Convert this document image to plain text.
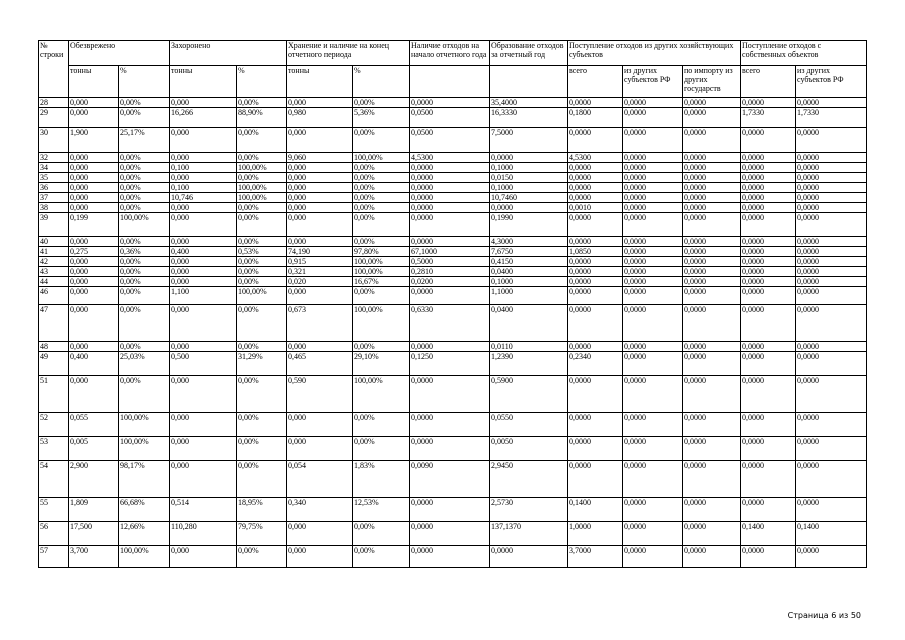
№ строки	Обезврежено		Захоронено		Хранение и наличие на конец отчетного периода		Наличие отходов на начало отчетного года	Образование отходов за отчетный год	Поступление отходов из других хозяйствующих субъектов			Поступление отходов с собственных объектов	
	тонны	%	тонны	%	тонны	%			всего	из других субъектов РФ	по импорту из других государств	всего	из других субъектов РФ
28	0,000	0,00%	0,000	0,00%	0,000	0,00%	0,0000	35,4000	0,0000	0,0000	0,0000	0,0000	0,0000
29	0,000	0,00%	16,266	88,90%	0,980	5,36%	0,0500	16,3330	0,1800	0,0000	0,0000	1,7330	1,7330
30	1,900	25,17%	0,000	0,00%	0,000	0,00%	0,0500	7,5000	0,0000	0,0000	0,0000	0,0000	0,0000
32	0,000	0,00%	0,000	0,00%	9,060	100,00%	4,5300	0,0000	4,5300	0,0000	0,0000	0,0000	0,0000
34	0,000	0,00%	0,100	100,00%	0,000	0,00%	0,0000	0,1000	0,0000	0,0000	0,0000	0,0000	0,0000
35	0,000	0,00%	0,000	0,00%	0,000	0,00%	0,0000	0,0150	0,0000	0,0000	0,0000	0,0000	0,0000
36	0,000	0,00%	0,100	100,00%	0,000	0,00%	0,0000	0,1000	0,0000	0,0000	0,0000	0,0000	0,0000
37	0,000	0,00%	10,746	100,00%	0,000	0,00%	0,0000	10,7460	0,0000	0,0000	0,0000	0,0000	0,0000
38	0,000	0,00%	0,000	0,00%	0,000	0,00%	0,0000	0,0000	0,0010	0,0000	0,0000	0,0000	0,0000
39	0,199	100,00%	0,000	0,00%	0,000	0,00%	0,0000	0,1990	0,0000	0,0000	0,0000	0,0000	0,0000
40	0,000	0,00%	0,000	0,00%	0,000	0,00%	0,0000	4,3000	0,0000	0,0000	0,0000	0,0000	0,0000
41	0,275	0,36%	0,400	0,53%	74,190	97,80%	67,1000	7,6750	1,0850	0,0000	0,0000	0,0000	0,0000
42	0,000	0,00%	0,000	0,00%	0,915	100,00%	0,5000	0,4150	0,0000	0,0000	0,0000	0,0000	0,0000
43	0,000	0,00%	0,000	0,00%	0,321	100,00%	0,2810	0,0400	0,0000	0,0000	0,0000	0,0000	0,0000
44	0,000	0,00%	0,000	0,00%	0,020	16,67%	0,0200	0,1000	0,0000	0,0000	0,0000	0,0000	0,0000
46	0,000	0,00%	1,100	100,00%	0,000	0,00%	0,0000	1,1000	0,0000	0,0000	0,0000	0,0000	0,0000
47	0,000	0,00%	0,000	0,00%	0,673	100,00%	0,6330	0,0400	0,0000	0,0000	0,0000	0,0000	0,0000
48	0,000	0,00%	0,000	0,00%	0,000	0,00%	0,0000	0,0110	0,0000	0,0000	0,0000	0,0000	0,0000
49	0,400	25,03%	0,500	31,29%	0,465	29,10%	0,1250	1,2390	0,2340	0,0000	0,0000	0,0000	0,0000
51	0,000	0,00%	0,000	0,00%	0,590	100,00%	0,0000	0,5900	0,0000	0,0000	0,0000	0,0000	0,0000
52	0,055	100,00%	0,000	0,00%	0,000	0,00%	0,0000	0,0550	0,0000	0,0000	0,0000	0,0000	0,0000
53	0,005	100,00%	0,000	0,00%	0,000	0,00%	0,0000	0,0050	0,0000	0,0000	0,0000	0,0000	0,0000
54	2,900	98,17%	0,000	0,00%	0,054	1,83%	0,0090	2,9450	0,0000	0,0000	0,0000	0,0000	0,0000
55	1,809	66,68%	0,514	18,95%	0,340	12,53%	0,0000	2,5730	0,1400	0,0000	0,0000	0,0000	0,0000
56	17,500	12,66%	110,280	79,75%	0,000	0,00%	0,0000	137,1370	1,0000	0,0000	0,0000	0,1400	0,1400
57	3,700	100,00%	0,000	0,00%	0,000	0,00%	0,0000	0,0000	3,7000	0,0000	0,0000	0,0000	0,0000
Страница 6 из 50
